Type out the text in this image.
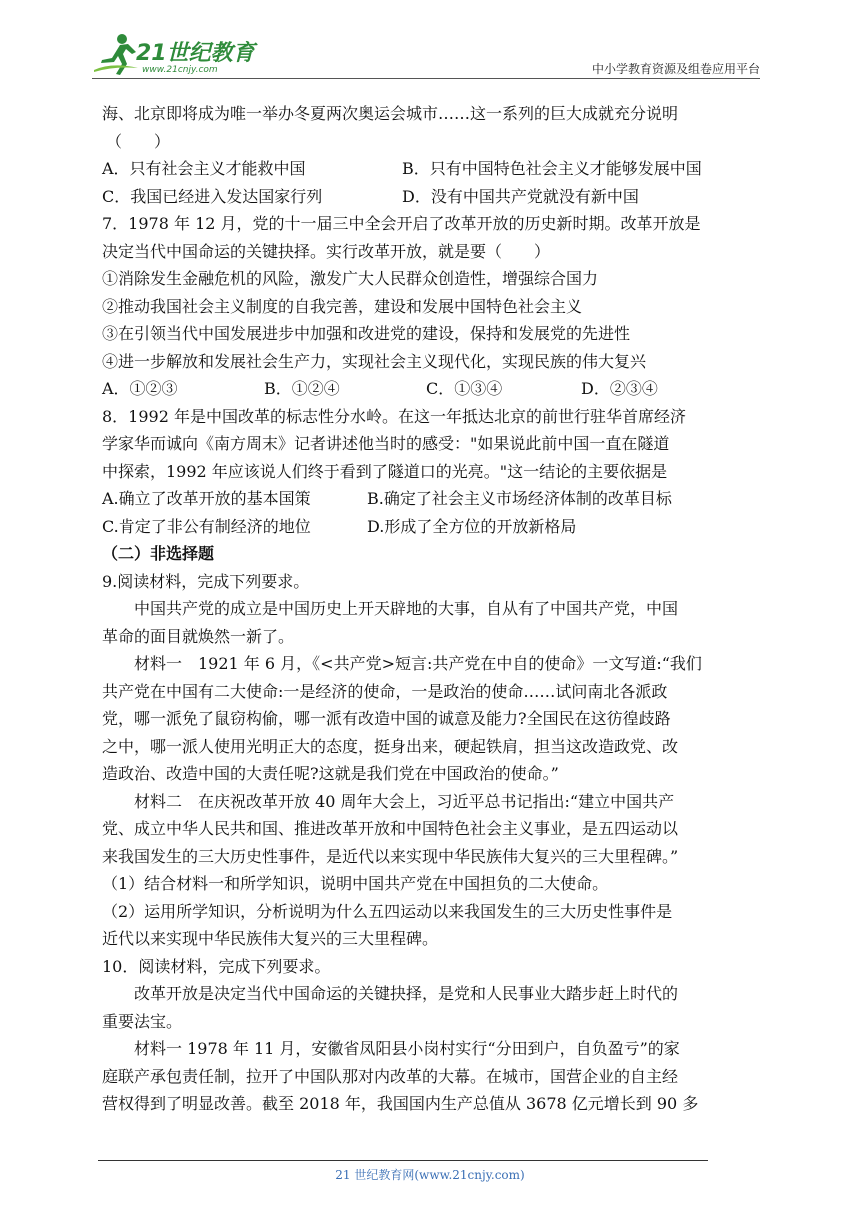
21世纪教育
www.21cnjy.com	中小学教育资源及组卷应用平台
海、北京即将成为唯一举办冬夏两次奥运会城市……这一系列的巨大成就充分说明
（　　）
A．只有社会主义才能救中国	B．只有中国特色社会主义才能够发展中国
C．我国已经进入发达国家行列	D．没有中国共产党就没有新中国
7．1978 年 12 月，党的十一届三中全会开启了改革开放的历史新时期。改革开放是
决定当代中国命运的关键抉择。实行改革开放，就是要（　　）
①消除发生金融危机的风险，激发广大人民群众创造性，增强综合国力
②推动我国社会主义制度的自我完善，建设和发展中国特色社会主义
③在引领当代中国发展进步中加强和改进党的建设，保持和发展党的先进性
④进一步解放和发展社会生产力，实现社会主义现代化，实现民族的伟大复兴
A．①②③	B．①②④	C．①③④	D．②③④
8．1992 年是中国改革的标志性分水岭。在这一年抵达北京的前世行驻华首席经济
学家华而诚向《南方周末》记者讲述他当时的感受："如果说此前中国一直在隧道
中探索，1992 年应该说人们终于看到了隧道口的光亮。"这一结论的主要依据是
A.确立了改革开放的基本国策	B.确定了社会主义市场经济体制的改革目标
C.肯定了非公有制经济的地位	D.形成了全方位的开放新格局
（二）非选择题
9.阅读材料，完成下列要求。
中国共产党的成立是中国历史上开天辟地的大事，自从有了中国共产党，中国
革命的面目就焕然一新了。
材料一　1921 年 6 月，《<共产党>短言:共产党在中自的使命》一文写道:“我们
共产党在中国有二大使命:一是经济的使命，一是政治的使命……试问南北各派政
党，哪一派免了鼠窃构偷，哪一派有改造中国的诚意及能力?全国民在这彷徨歧路
之中，哪一派人使用光明正大的态度，挺身出来，硬起铁肩，担当这改造政党、改
造政治、改造中国的大责任呢?这就是我们党在中国政治的使命。”
材料二　在庆祝改革开放 40 周年大会上，习近平总书记指出:“建立中国共产
党、成立中华人民共和国、推进改革开放和中国特色社会主义事业，是五四运动以
来我国发生的三大历史性事件，是近代以来实现中华民族伟大复兴的三大里程碑。”
（1）结合材料一和所学知识，说明中国共产党在中国担负的二大使命。
（2）运用所学知识，分析说明为什么五四运动以来我国发生的三大历史性事件是
近代以来实现中华民族伟大复兴的三大里程碑。
10．阅读材料，完成下列要求。
改革开放是决定当代中国命运的关键抉择，是党和人民事业大踏步赶上时代的
重要法宝。
材料一 1978 年 11 月，安徽省凤阳县小岗村实行“分田到户，自负盈亏”的家
庭联产承包责任制，拉开了中国队那对内改革的大幕。在城市，国营企业的自主经
营权得到了明显改善。截至 2018 年，我国国内生产总值从 3678 亿元增长到 90 多
21 世纪教育网(www.21cnjy.com)
